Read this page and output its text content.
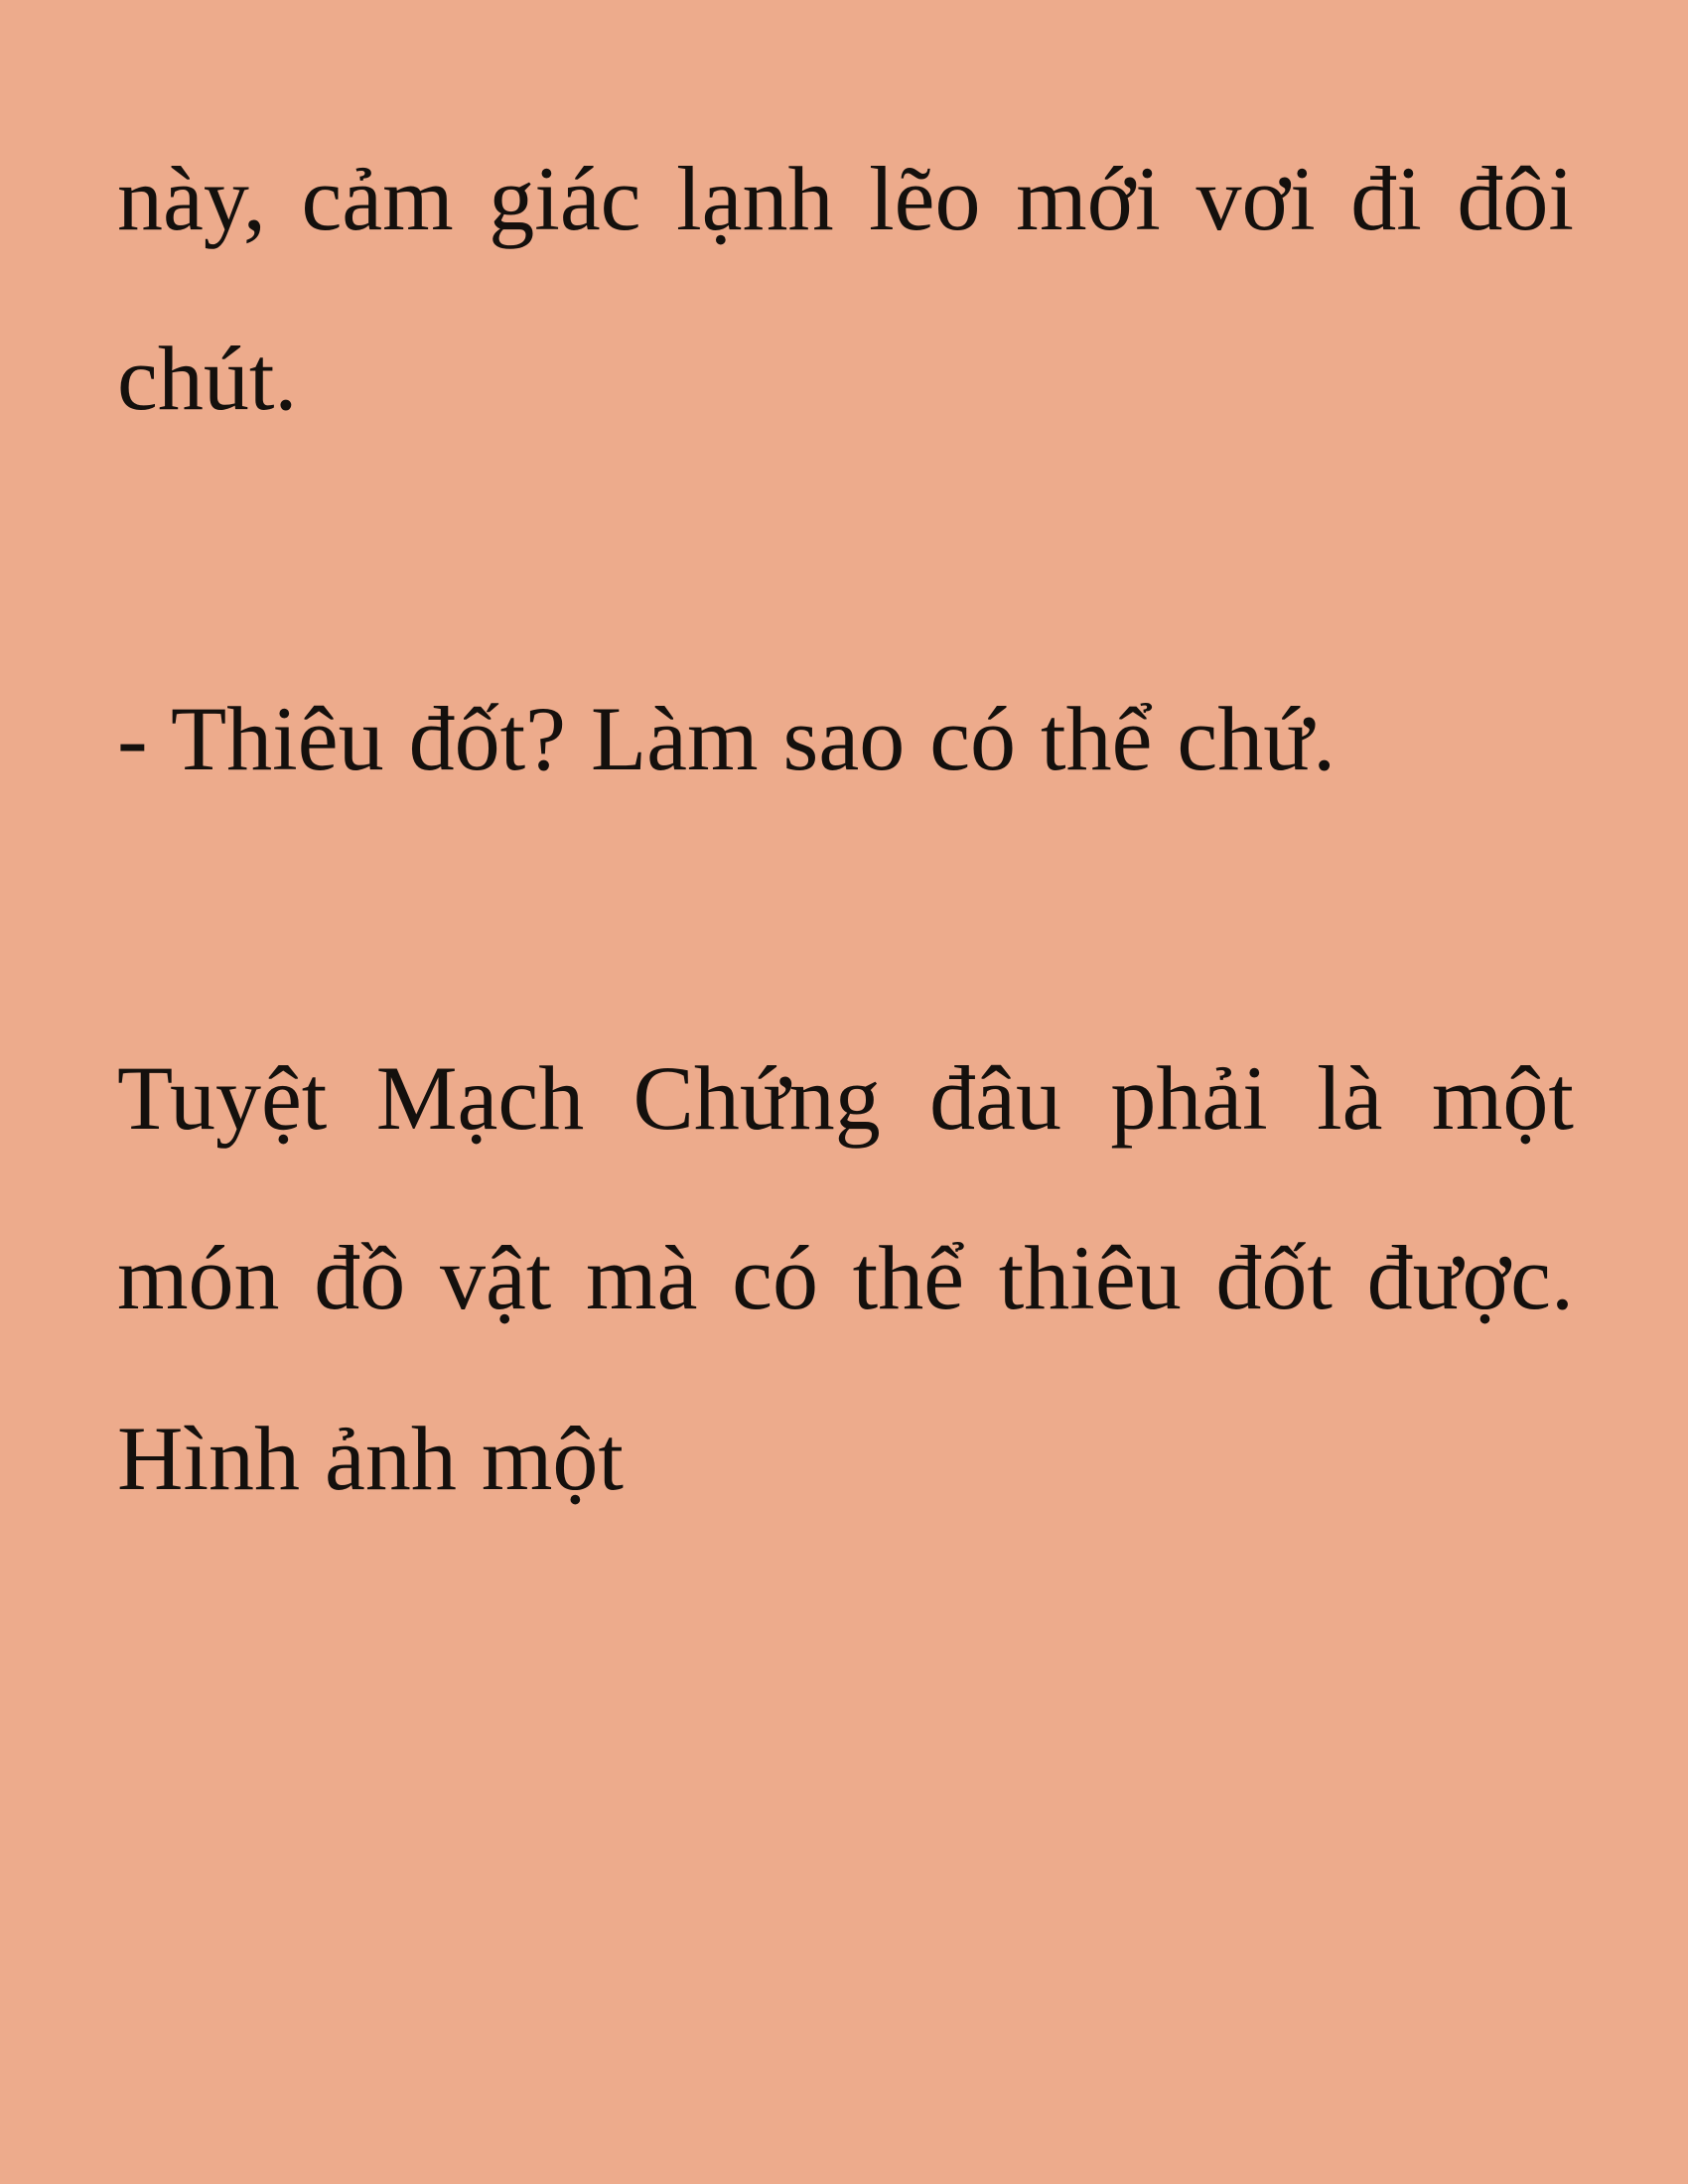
này, cảm giác lạnh lẽo mới vơi đi đôi chút.

- Thiêu đốt? Làm sao có thể chứ.

Tuyệt Mạch Chứng đâu phải là một món đồ vật mà có thể thiêu đốt được. Hình ảnh một
